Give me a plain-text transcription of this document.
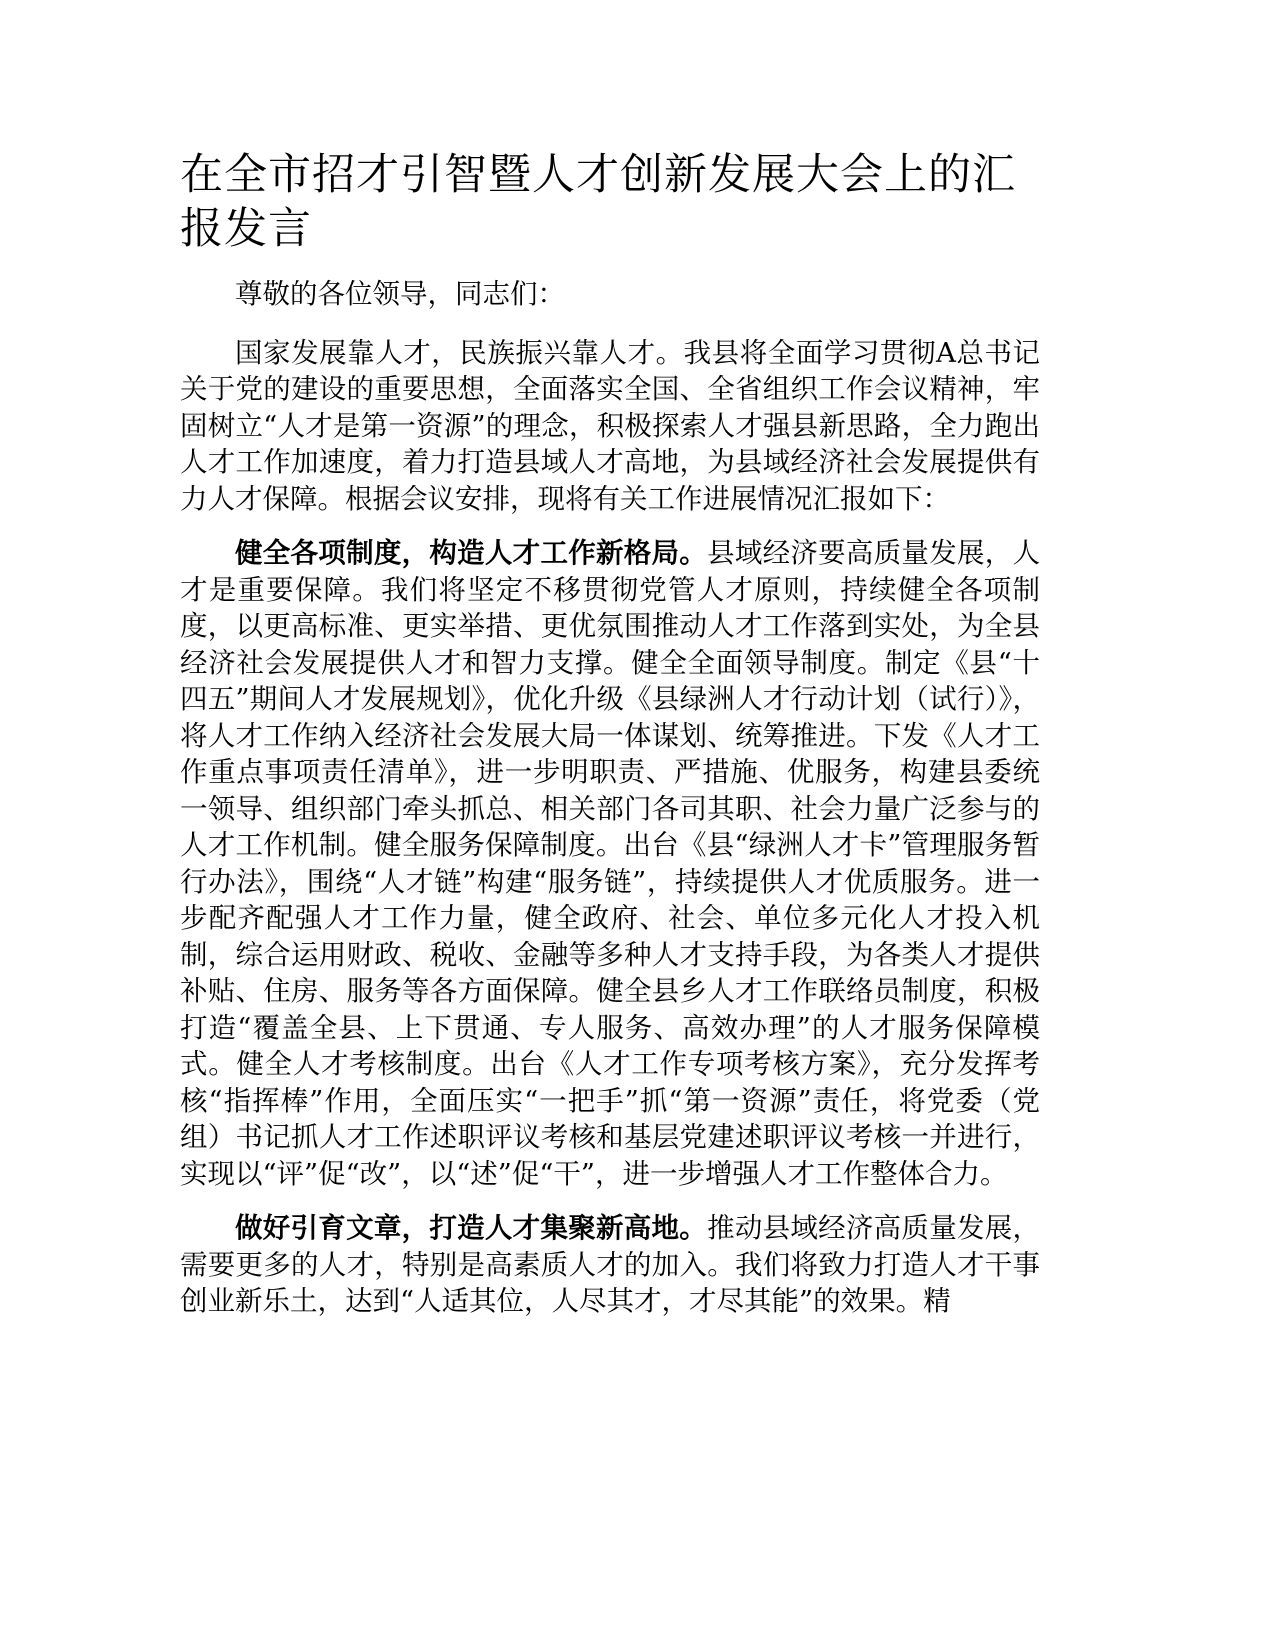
在全市招才引智暨人才创新发展大会上的汇报发言

尊敬的各位领导，同志们：

国家发展靠人才，民族振兴靠人才。我县将全面学习贯彻A总书记关于党的建设的重要思想，全面落实全国、全省组织工作会议精神，牢固树立“人才是第一资源”的理念，积极探索人才强县新思路，全力跑出人才工作加速度，着力打造县域人才高地，为县域经济社会发展提供有力人才保障。根据会议安排，现将有关工作进展情况汇报如下：

健全各项制度，构造人才工作新格局。县域经济要高质量发展，人才是重要保障。我们将坚定不移贯彻党管人才原则，持续健全各项制度，以更高标准、更实举措、更优氛围推动人才工作落到实处，为全县经济社会发展提供人才和智力支撑。健全全面领导制度。制定《县“十四五”期间人才发展规划》，优化升级《县绿洲人才行动计划（试行）》，将人才工作纳入经济社会发展大局一体谋划、统筹推进。下发《人才工作重点事项责任清单》，进一步明职责、严措施、优服务，构建县委统一领导、组织部门牵头抓总、相关部门各司其职、社会力量广泛参与的人才工作机制。健全服务保障制度。出台《县“绿洲人才卡”管理服务暂行办法》，围绕“人才链”构建“服务链”，持续提供人才优质服务。进一步配齐配强人才工作力量，健全政府、社会、单位多元化人才投入机制，综合运用财政、税收、金融等多种人才支持手段，为各类人才提供补贴、住房、服务等各方面保障。健全县乡人才工作联络员制度，积极打造“覆盖全县、上下贯通、专人服务、高效办理”的人才服务保障模式。健全人才考核制度。出台《人才工作专项考核方案》，充分发挥考核“指挥棒”作用，全面压实“一把手”抓“第一资源”责任，将党委（党组）书记抓人才工作述职评议考核和基层党建述职评议考核一并进行，实现以“评”促“改”，以“述”促“干”，进一步增强人才工作整体合力。

做好引育文章，打造人才集聚新高地。推动县域经济高质量发展，需要更多的人才，特别是高素质人才的加入。我们将致力打造人才干事创业新乐土，达到“人适其位，人尽其才，才尽其能”的效果。精
